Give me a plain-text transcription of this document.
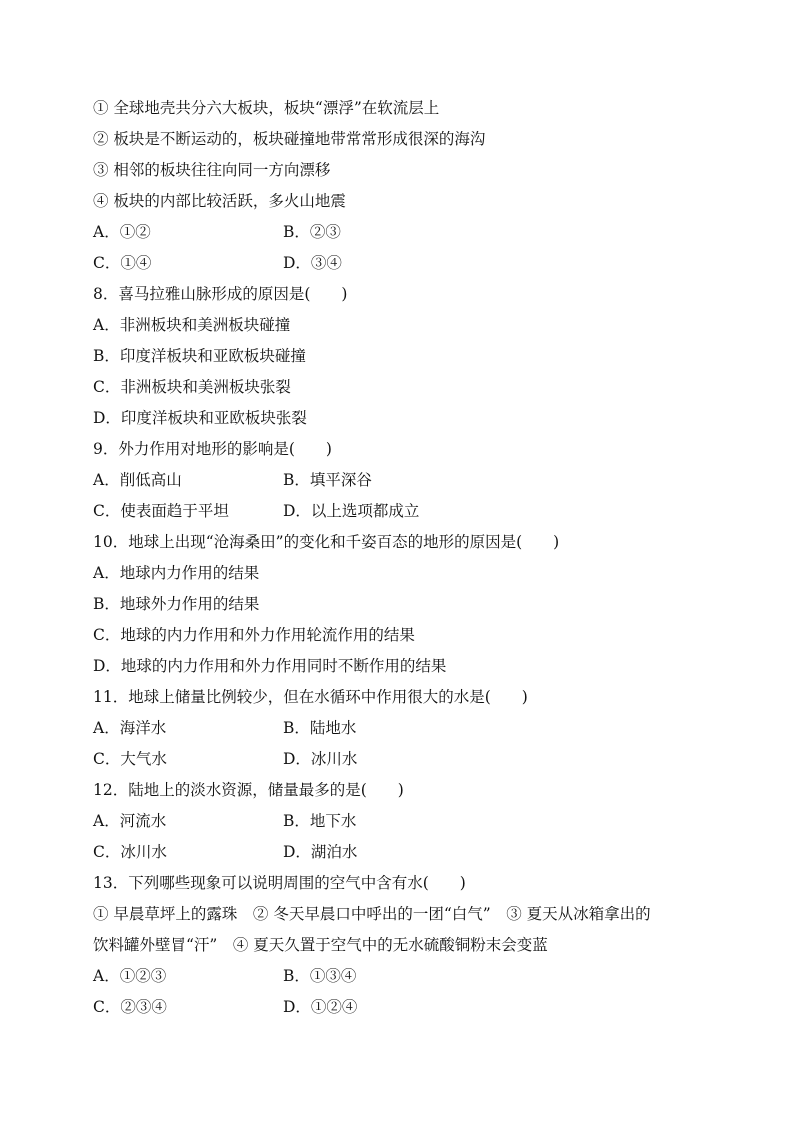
① 全球地壳共分六大板块，板块“漂浮”在软流层上
② 板块是不断运动的，板块碰撞地带常常形成很深的海沟
③ 相邻的板块往往向同一方向漂移
④ 板块的内部比较活跃，多火山地震
A．①②	B．②③
C．①④	D．③④
8．喜马拉雅山脉形成的原因是(　　)
A．非洲板块和美洲板块碰撞
B．印度洋板块和亚欧板块碰撞
C．非洲板块和美洲板块张裂
D．印度洋板块和亚欧板块张裂
9．外力作用对地形的影响是(　　)
A．削低高山	B．填平深谷
C．使表面趋于平坦	D．以上选项都成立
10．地球上出现“沧海桑田”的变化和千姿百态的地形的原因是(　　)
A．地球内力作用的结果
B．地球外力作用的结果
C．地球的内力作用和外力作用轮流作用的结果
D．地球的内力作用和外力作用同时不断作用的结果
11．地球上储量比例较少，但在水循环中作用很大的水是(　　)
A．海洋水	B．陆地水
C．大气水	D．冰川水
12．陆地上的淡水资源，储量最多的是(　　)
A．河流水	B．地下水
C．冰川水	D．湖泊水
13．下列哪些现象可以说明周围的空气中含有水(　　)
① 早晨草坪上的露珠　② 冬天早晨口中呼出的一团“白气”　③ 夏天从冰箱拿出的
饮料罐外壁冒“汗”　④ 夏天久置于空气中的无水硫酸铜粉末会变蓝
A．①②③	B．①③④
C．②③④	D．①②④
